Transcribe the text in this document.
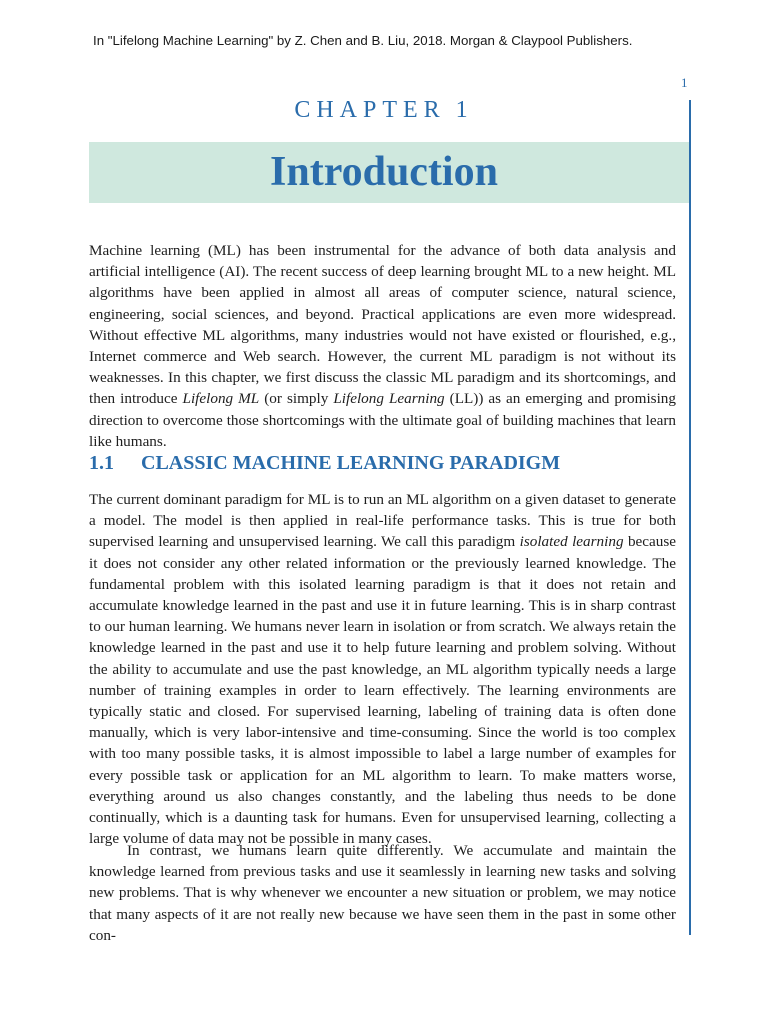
In "Lifelong Machine Learning" by Z. Chen and B. Liu, 2018. Morgan & Claypool Publishers.
1
CHAPTER 1
Introduction

Machine learning (ML) has been instrumental for the advance of both data analysis and artificial intelligence (AI). The recent success of deep learning brought ML to a new height. ML algorithms have been applied in almost all areas of computer science, natural science, engineering, social sciences, and beyond. Practical applications are even more widespread. Without effective ML algorithms, many industries would not have existed or flourished, e.g., Internet commerce and Web search. However, the current ML paradigm is not without its weaknesses. In this chapter, we first discuss the classic ML paradigm and its shortcomings, and then introduce Lifelong ML (or simply Lifelong Learning (LL)) as an emerging and promising direction to overcome those shortcomings with the ultimate goal of building machines that learn like humans.

1.1 CLASSIC MACHINE LEARNING PARADIGM

The current dominant paradigm for ML is to run an ML algorithm on a given dataset to generate a model. The model is then applied in real-life performance tasks. This is true for both supervised learning and unsupervised learning. We call this paradigm isolated learning because it does not consider any other related information or the previously learned knowledge. The fundamental problem with this isolated learning paradigm is that it does not retain and accumulate knowledge learned in the past and use it in future learning. This is in sharp contrast to our human learning. We humans never learn in isolation or from scratch. We always retain the knowledge learned in the past and use it to help future learning and problem solving. Without the ability to accumulate and use the past knowledge, an ML algorithm typically needs a large number of training examples in order to learn effectively. The learning environments are typically static and closed. For supervised learning, labeling of training data is often done manually, which is very labor-intensive and time-consuming. Since the world is too complex with too many possible tasks, it is almost impossible to label a large number of examples for every possible task or application for an ML algorithm to learn. To make matters worse, everything around us also changes constantly, and the labeling thus needs to be done continually, which is a daunting task for humans. Even for unsupervised learning, collecting a large volume of data may not be possible in many cases.

In contrast, we humans learn quite differently. We accumulate and maintain the knowledge learned from previous tasks and use it seamlessly in learning new tasks and solving new problems. That is why whenever we encounter a new situation or problem, we may notice that many aspects of it are not really new because we have seen them in the past in some other con-
